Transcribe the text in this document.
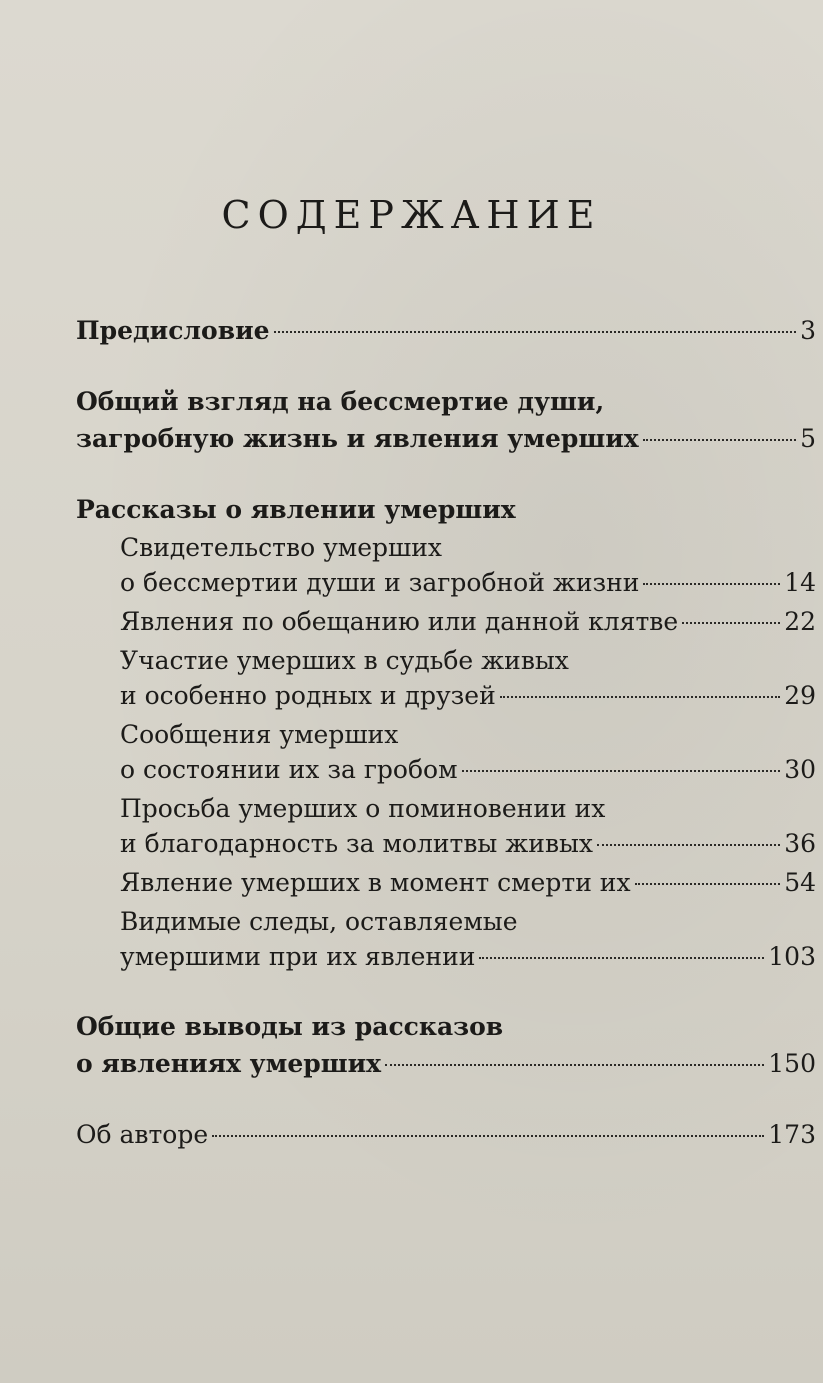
СОДЕРЖАНИЕ
Предисловие	3
Общий взгляд на бессмертие души,
загробную жизнь и явления умерших	5
Рассказы о явлении умерших
Свидетельство умерших
о бессмертии души и загробной жизни	14
Явления по обещанию или данной клятве	22
Участие умерших в судьбе живых
и особенно родных и друзей	29
Сообщения умерших
о состоянии их за гробом	30
Просьба умерших о поминовении их
и благодарность за молитвы живых	36
Явление умерших в момент смерти их	54
Видимые следы, оставляемые
умершими при их явлении	103
Общие выводы из рассказов
о явлениях умерших	150
Об авторе	173
